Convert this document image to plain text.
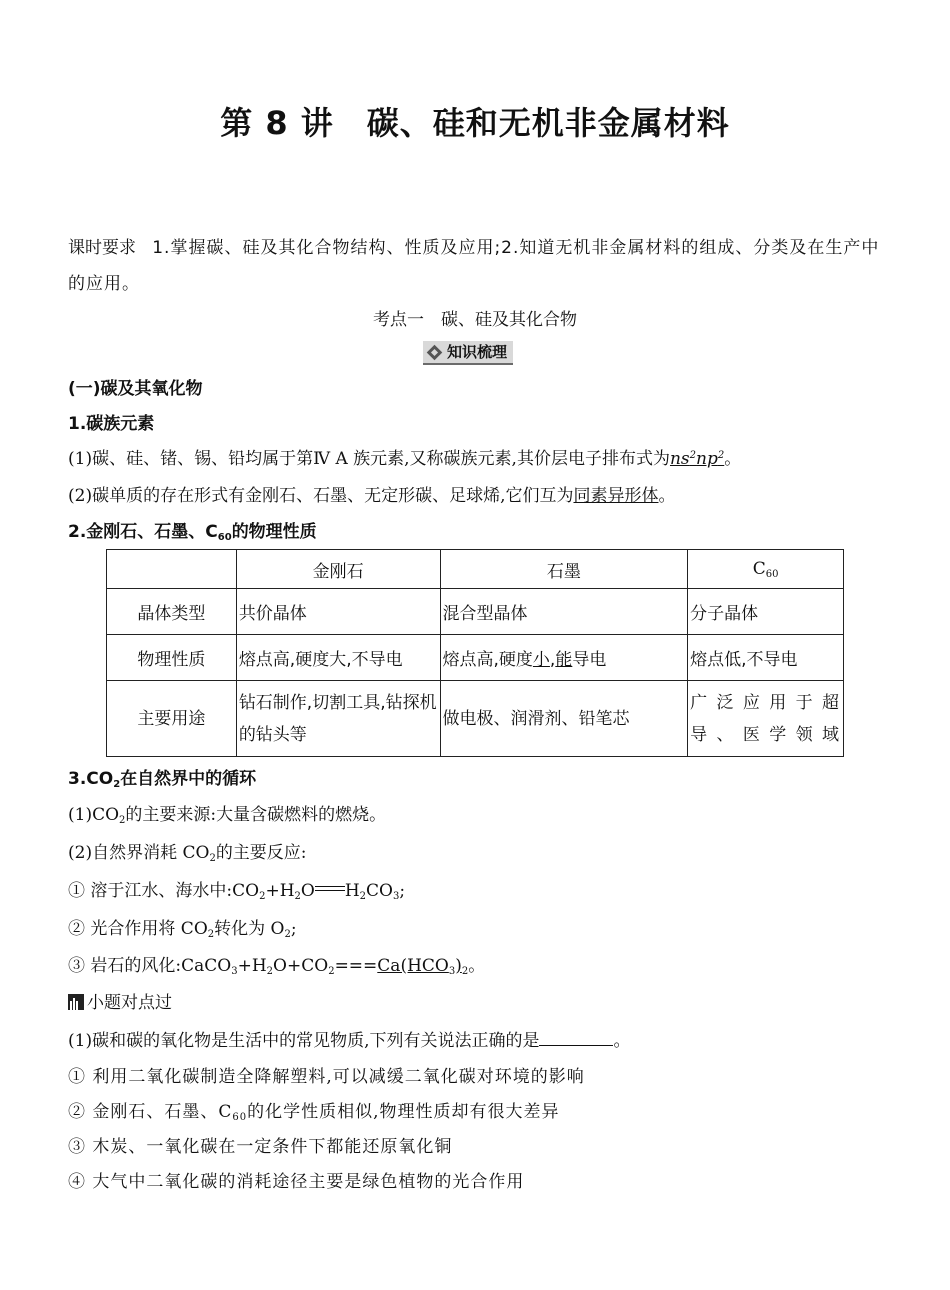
第 8 讲　碳、硅和无机非金属材料
课时要求 1.掌握碳、硅及其化合物结构、性质及应用;2.知道无机非金属材料的组成、分类及在生产中的应用。
考点一　碳、硅及其化合物
知识梳理
(一)碳及其氧化物
1.碳族元素
(1)碳、硅、锗、锡、铅均属于第Ⅳ A 族元素,又称碳族元素,其价层电子排布式为$ns^2np^2$。
(2)碳单质的存在形式有金刚石、石墨、无定形碳、足球烯,它们互为同素异形体。
2.金刚石、石墨、$C_{60}$的物理性质
	金刚石	石墨	$C_{60}$
晶体类型	共价晶体	混合型晶体	分子晶体
物理性质	熔点高,硬度大,不导电	熔点高,硬度小,能导电	熔点低,不导电
主要用途	钻石制作,切割工具,钻探机的钻头等	做电极、润滑剂、铅笔芯	广泛应用于超导、医学领域
$3.CO_2$在自然界中的循环
$(1)CO_2$的主要来源:大量含碳燃料的燃烧。
(2)自然界消耗 $CO_2$的主要反应:
① 溶于江水、海水中$:CO_2+H_2O$ $H_2CO_3$;
② 光合作用将 $CO_2$转化为 $O_2$;
③ 岩石的风化$:CaCO_3+H_2O+CO_2===Ca(HCO_3)_2$。
小题对点过
(1)碳和碳的氧化物是生活中的常见物质,下列有关说法正确的是	。
① 利用二氧化碳制造全降解塑料,可以减缓二氧化碳对环境的影响
② 金刚石、石墨、$C_{60}$的化学性质相似,物理性质却有很大差异
③ 木炭、一氧化碳在一定条件下都能还原氧化铜
④ 大气中二氧化碳的消耗途径主要是绿色植物的光合作用
